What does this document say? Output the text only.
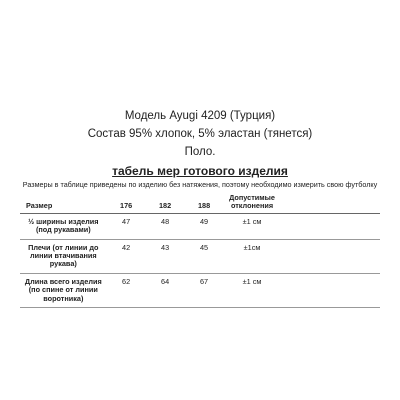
Модель Ayugi 4209 (Турция)
Состав 95% хлопок, 5% эластан (тянется)
Поло.
табель мер готового изделия
Размеры в таблице приведены по изделию без натяжения, поэтому необходимо измерить свою футболку
Размер	176	182	188	Допустимые отклонения	
½ ширины изделия (под рукавами)	47	48	49	±1 см	
Плечи (от линии до линии втачивания рукава)	42	43	45	±1см	
Длина всего изделия (по спине от линии воротника)	62	64	67	±1 см	
